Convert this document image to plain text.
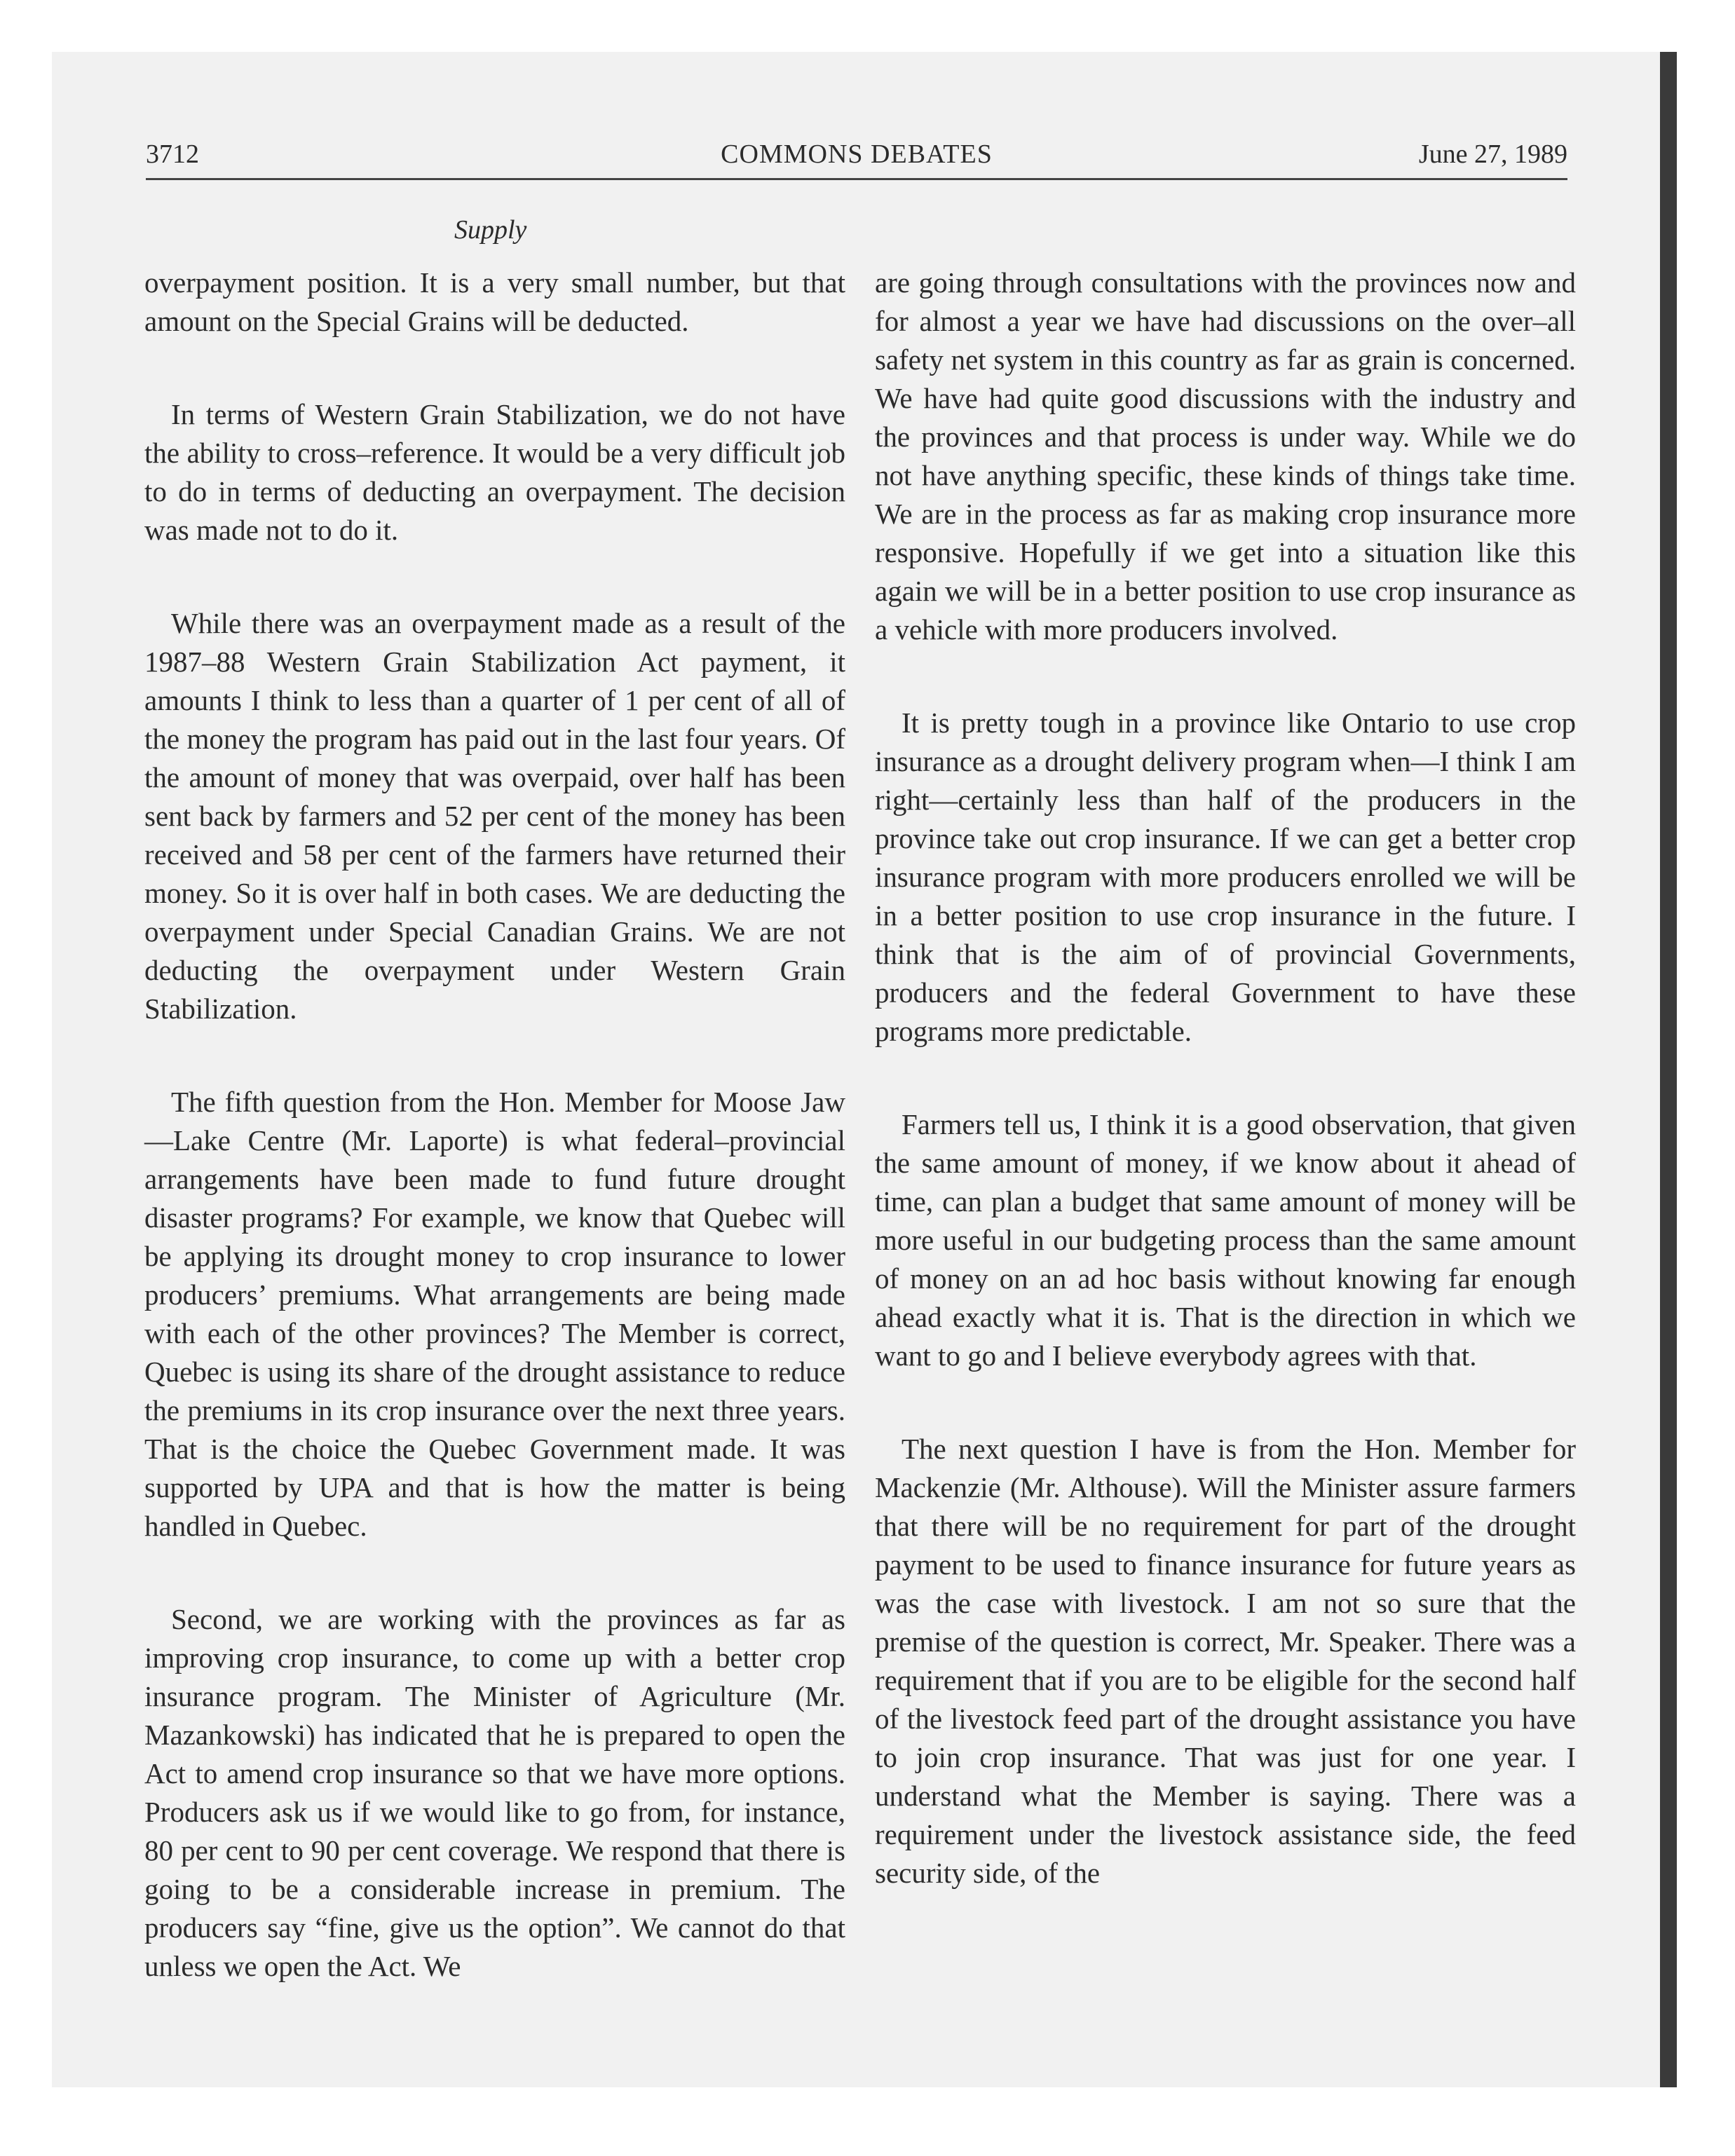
COMMONS DEBATES
3712	June 27, 1989
Supply

overpayment position. It is a very small number, but that amount on the Special Grains will be deducted.

In terms of Western Grain Stabilization, we do not have the ability to cross–reference. It would be a very difficult job to do in terms of deducting an overpayment. The decision was made not to do it.

While there was an overpayment made as a result of the 1987–88 Western Grain Stabilization Act payment, it amounts I think to less than a quarter of 1 per cent of all of the money the program has paid out in the last four years. Of the amount of money that was overpaid, over half has been sent back by farmers and 52 per cent of the money has been received and 58 per cent of the farmers have returned their money. So it is over half in both cases. We are deducting the overpayment under Special Canadian Grains. We are not deducting the overpayment under Western Grain Stabilization.

The fifth question from the Hon. Member for Moose Jaw—Lake Centre (Mr. Laporte) is what federal–provincial arrangements have been made to fund future drought disaster programs? For example, we know that Quebec will be applying its drought money to crop insurance to lower producers’ premiums. What arrangements are being made with each of the other provinces? The Member is correct, Quebec is using its share of the drought assistance to reduce the premiums in its crop insurance over the next three years. That is the choice the Quebec Government made. It was supported by UPA and that is how the matter is being handled in Quebec.

Second, we are working with the provinces as far as improving crop insurance, to come up with a better crop insurance program. The Minister of Agriculture (Mr. Mazankowski) has indicated that he is prepared to open the Act to amend crop insurance so that we have more options. Producers ask us if we would like to go from, for instance, 80 per cent to 90 per cent coverage. We respond that there is going to be a considerable increase in premium. The producers say “fine, give us the option”. We cannot do that unless we open the Act. We

are going through consultations with the provinces now and for almost a year we have had discussions on the over–all safety net system in this country as far as grain is concerned. We have had quite good discussions with the industry and the provinces and that process is under way. While we do not have anything specific, these kinds of things take time. We are in the process as far as making crop insurance more responsive. Hopefully if we get into a situation like this again we will be in a better position to use crop insurance as a vehicle with more producers involved.

It is pretty tough in a province like Ontario to use crop insurance as a drought delivery program when—I think I am right—certainly less than half of the producers in the province take out crop insurance. If we can get a better crop insurance program with more producers enrolled we will be in a better position to use crop insurance in the future. I think that is the aim of of provincial Governments, producers and the federal Government to have these programs more predictable.

Farmers tell us, I think it is a good observation, that given the same amount of money, if we know about it ahead of time, can plan a budget that same amount of money will be more useful in our budgeting process than the same amount of money on an ad hoc basis without knowing far enough ahead exactly what it is. That is the direction in which we want to go and I believe everybody agrees with that.

The next question I have is from the Hon. Member for Mackenzie (Mr. Althouse). Will the Minister assure farmers that there will be no requirement for part of the drought payment to be used to finance insurance for future years as was the case with livestock. I am not so sure that the premise of the question is correct, Mr. Speaker. There was a requirement that if you are to be eligible for the second half of the livestock feed part of the drought assistance you have to join crop insurance. That was just for one year. I understand what the Member is saying. There was a requirement under the livestock assistance side, the feed security side, of the
